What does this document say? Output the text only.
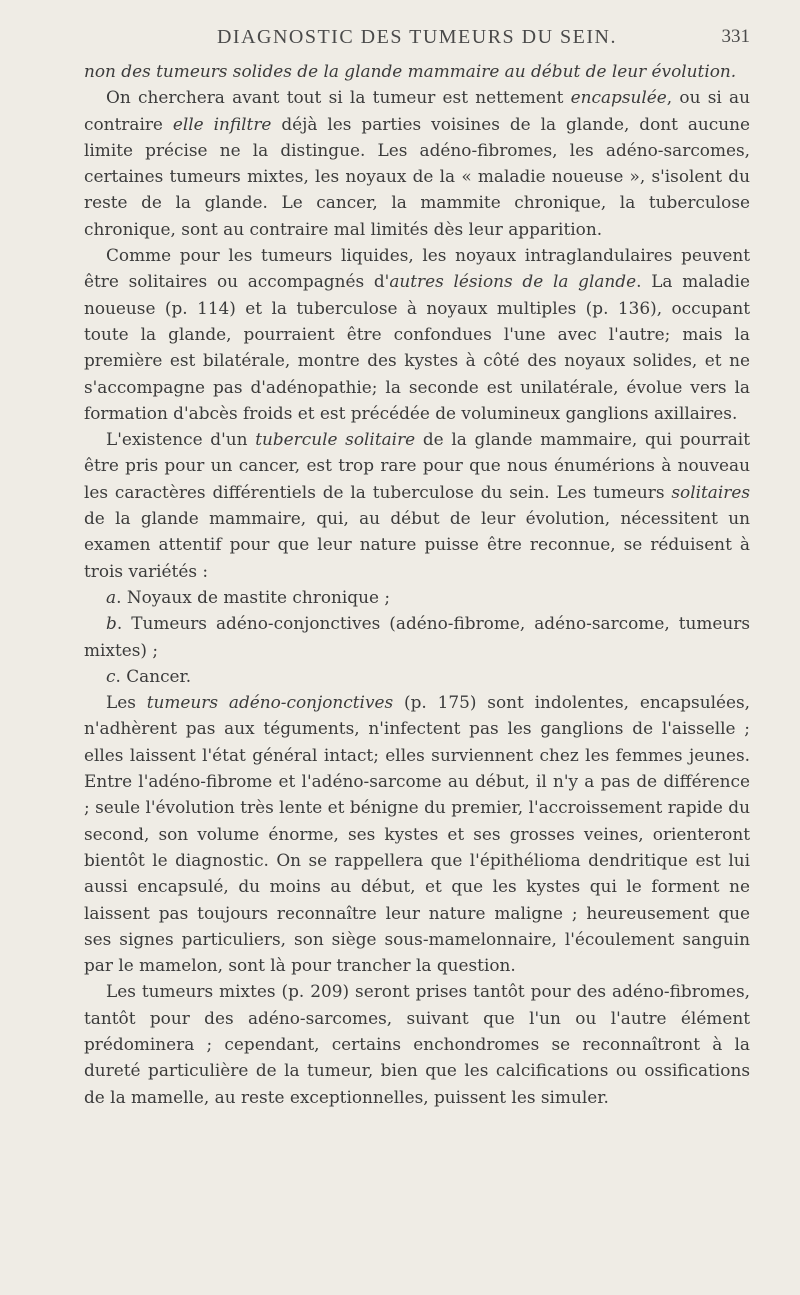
DIAGNOSTIC DES TUMEURS DU SEIN.	331

non des tumeurs solides de la glande mammaire au début de leur évolution.

On cherchera avant tout si la tumeur est nettement encapsulée, ou si au contraire elle infiltre déjà les parties voisines de la glande, dont aucune limite précise ne la distingue. Les adéno-fibromes, les adéno-sarcomes, certaines tumeurs mixtes, les noyaux de la « maladie noueuse », s'isolent du reste de la glande. Le cancer, la mammite chronique, la tuberculose chronique, sont au contraire mal limités dès leur apparition.

Comme pour les tumeurs liquides, les noyaux intraglandulaires peuvent être solitaires ou accompagnés d'autres lésions de la glande. La maladie noueuse (p. 114) et la tuberculose à noyaux multiples (p. 136), occupant toute la glande, pourraient être confondues l'une avec l'autre; mais la première est bilatérale, montre des kystes à côté des noyaux solides, et ne s'accompagne pas d'adénopathie; la seconde est unilatérale, évolue vers la formation d'abcès froids et est précédée de volumineux ganglions axillaires.

L'existence d'un tubercule solitaire de la glande mammaire, qui pourrait être pris pour un cancer, est trop rare pour que nous énumérions à nouveau les caractères différentiels de la tuberculose du sein. Les tumeurs solitaires de la glande mammaire, qui, au début de leur évolution, nécessitent un examen attentif pour que leur nature puisse être reconnue, se réduisent à trois variétés :

a. Noyaux de mastite chronique ;

b. Tumeurs adéno-conjonctives (adéno-fibrome, adéno-sarcome, tumeurs mixtes) ;

c. Cancer.

Les tumeurs adéno-conjonctives (p. 175) sont indolentes, encapsulées, n'adhèrent pas aux téguments, n'infectent pas les ganglions de l'aisselle ; elles laissent l'état général intact; elles surviennent chez les femmes jeunes. Entre l'adéno-fibrome et l'adéno-sarcome au début, il n'y a pas de différence ; seule l'évolution très lente et bénigne du premier, l'accroissement rapide du second, son volume énorme, ses kystes et ses grosses veines, orienteront bientôt le diagnostic. On se rappellera que l'épithélioma dendritique est lui aussi encapsulé, du moins au début, et que les kystes qui le forment ne laissent pas toujours reconnaître leur nature maligne ; heureusement que ses signes particuliers, son siège sous-mamelonnaire, l'écoulement sanguin par le mamelon, sont là pour trancher la question.

Les tumeurs mixtes (p. 209) seront prises tantôt pour des adéno-fibromes, tantôt pour des adéno-sarcomes, suivant que l'un ou l'autre élément prédominera ; cependant, certains enchondromes se reconnaîtront à la dureté particulière de la tumeur, bien que les calcifications ou ossifications de la mamelle, au reste exceptionnelles, puissent les simuler.
